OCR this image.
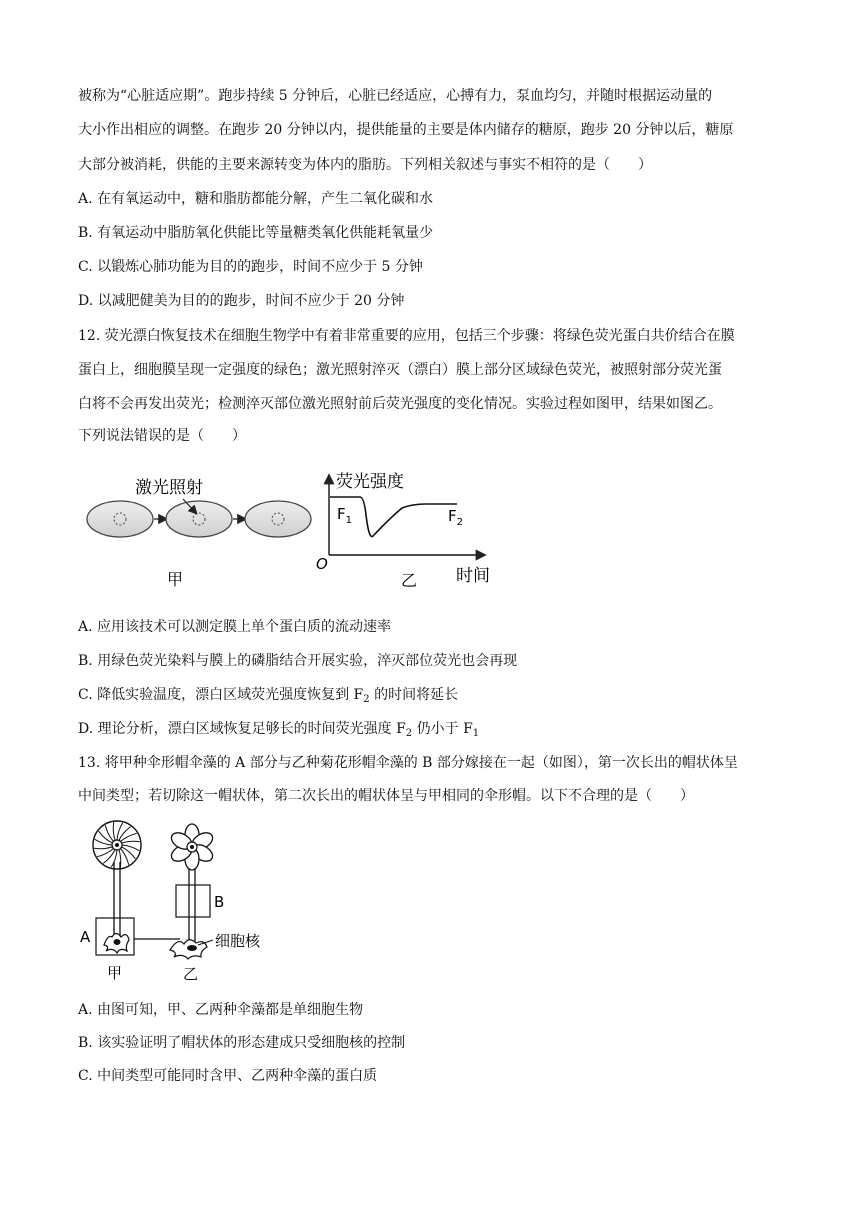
被称为“心脏适应期”。跑步持续 5 分钟后，心脏已经适应，心搏有力，泵血均匀，并随时根据运动量的
大小作出相应的调整。在跑步 20 分钟以内，提供能量的主要是体内储存的糖原，跑步 20 分钟以后，糖原
大部分被消耗，供能的主要来源转变为体内的脂肪。下列相关叙述与事实不相符的是（　　）
A. 在有氧运动中，糖和脂肪都能分解，产生二氧化碳和水
B. 有氧运动中脂肪氧化供能比等量糖类氧化供能耗氧量少
C. 以锻炼心肺功能为目的的跑步，时间不应少于 5 分钟
D. 以减肥健美为目的的跑步，时间不应少于 20 分钟
12. 荧光漂白恢复技术在细胞生物学中有着非常重要的应用，包括三个步骤：将绿色荧光蛋白共价结合在膜
蛋白上，细胞膜呈现一定强度的绿色；激光照射淬灭（漂白）膜上部分区域绿色荧光，被照射部分荧光蛋
白将不会再发出荧光；检测淬灭部位激光照射前后荧光强度的变化情况。实验过程如图甲，结果如图乙。
下列说法错误的是（　　）
激光照射
甲
荧光强度
时间
O
$F_1$	$F_2$
乙
A. 应用该技术可以测定膜上单个蛋白质的流动速率
B. 用绿色荧光染料与膜上的磷脂结合开展实验，淬灭部位荧光也会再现
C. 降低实验温度，漂白区域荧光强度恢复到 $F_2$ 的时间将延长
D. 理论分析，漂白区域恢复足够长的时间荧光强度 $F_2$ 仍小于 $F_1$
13. 将甲种伞形帽伞藻的 A 部分与乙种菊花形帽伞藻的 B 部分嫁接在一起（如图），第一次长出的帽状体呈
中间类型；若切除这一帽状体，第二次长出的帽状体呈与甲相同的伞形帽。以下不合理的是（　　）
A
甲
B
细胞核
乙
A. 由图可知，甲、乙两种伞藻都是单细胞生物
B. 该实验证明了帽状体的形态建成只受细胞核的控制
C. 中间类型可能同时含甲、乙两种伞藻的蛋白质
